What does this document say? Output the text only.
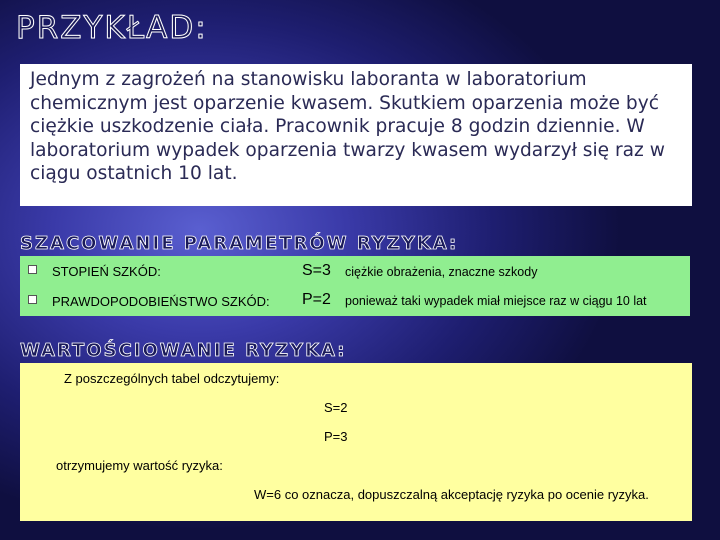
PRZYKŁAD:
Jednym z zagrożeń na stanowisku laboranta w laboratorium chemicznym jest oparzenie kwasem. Skutkiem oparzenia może być ciężkie uszkodzenie ciała. Pracownik pracuje 8 godzin dziennie. W laboratorium wypadek oparzenia twarzy kwasem wydarzył się raz w ciągu ostatnich 10 lat.
SZACOWANIE PARAMETRÓW RYZYKA:
STOPIEŃ SZKÓD:	S=3 ciężkie obrażenia, znaczne szkody
PRAWDOPODOBIEŃSTWO SZKÓD: P=2 ponieważ taki wypadek miał miejsce raz w ciągu 10 lat
WARTOŚCIOWANIE RYZYKA:
Z poszczególnych tabel odczytujemy:
S=2
P=3
otrzymujemy wartość ryzyka:
W=6 co oznacza, dopuszczalną akceptację ryzyka po ocenie ryzyka.
